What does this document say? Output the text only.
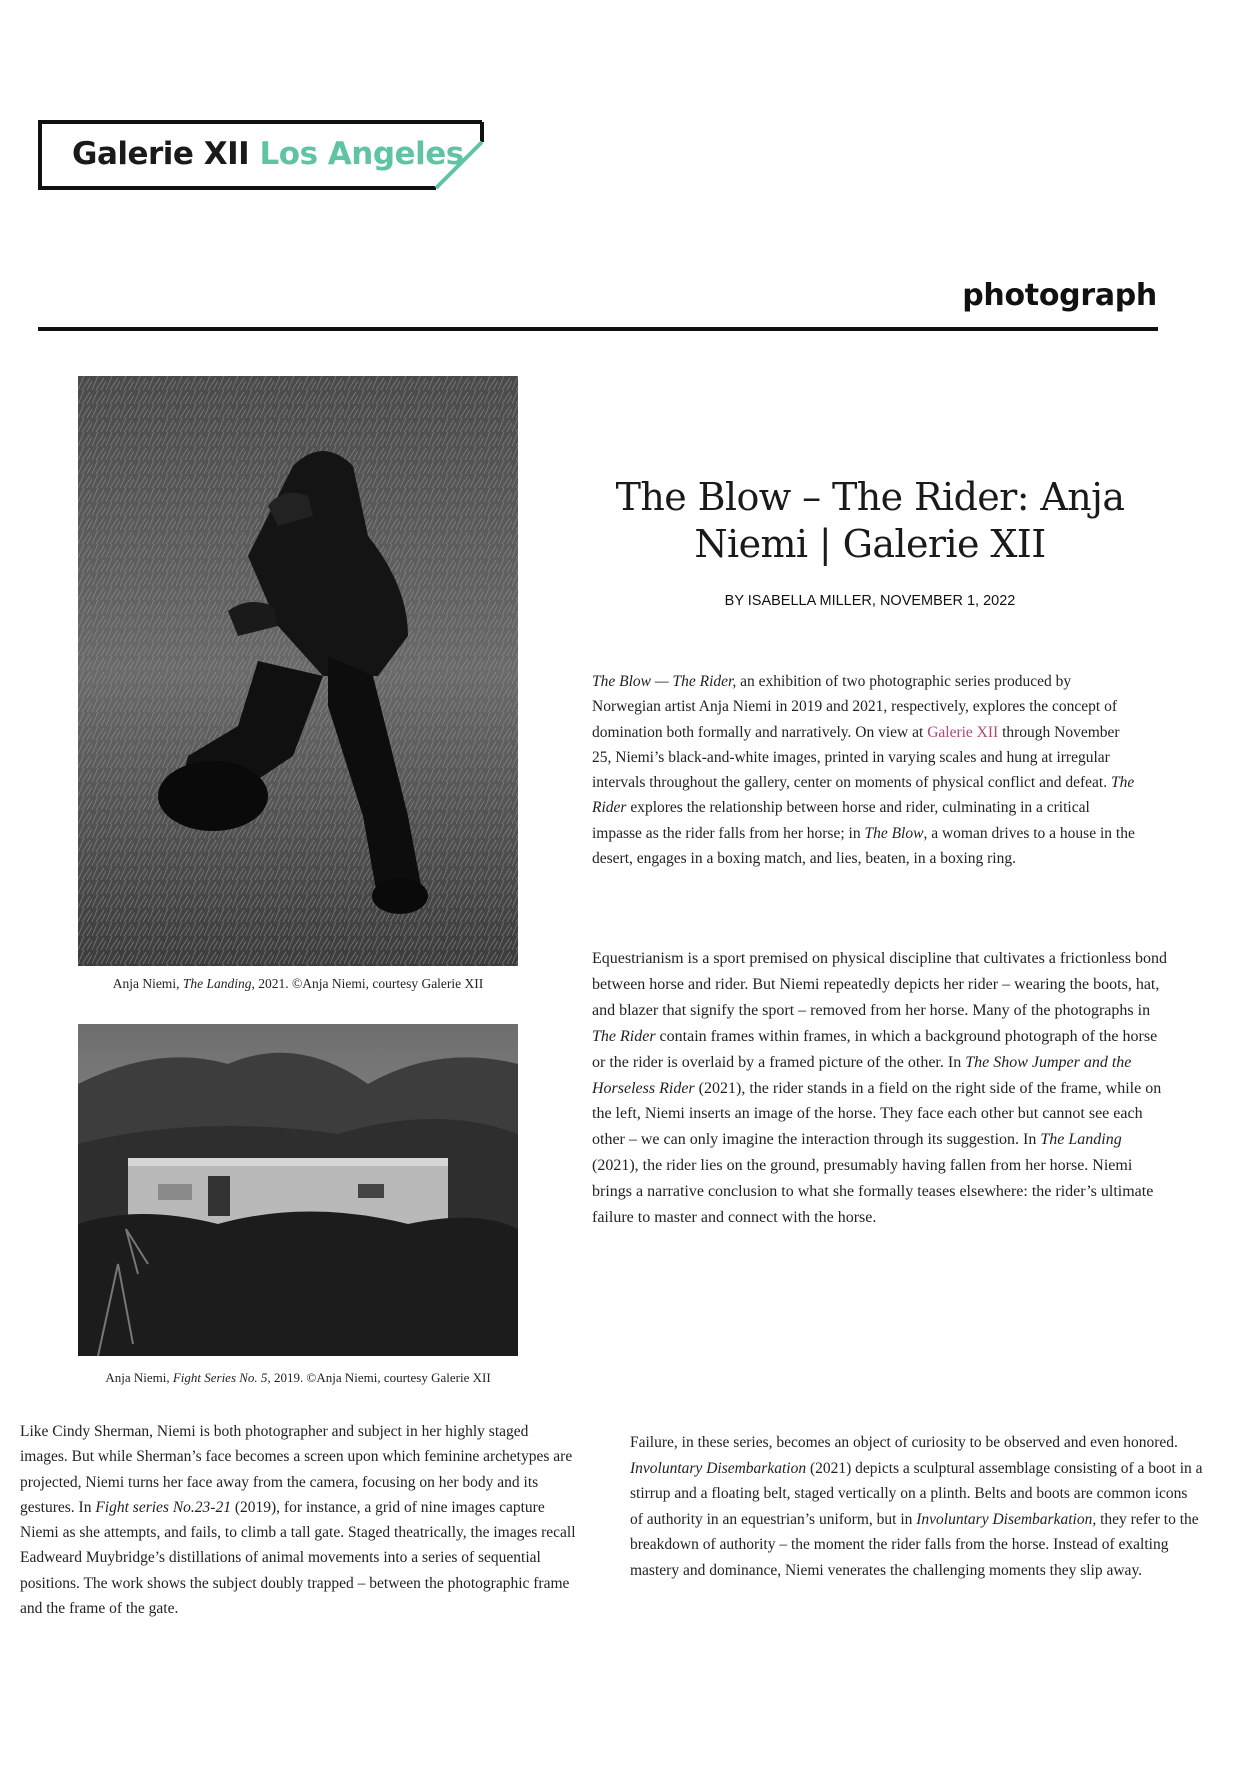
Galerie XII Los Angeles
photograph
Anja Niemi, The Landing, 2021. ©Anja Niemi, courtesy Galerie XII
Anja Niemi, Fight Series No. 5, 2019. ©Anja Niemi, courtesy Galerie XII
The Blow – The Rider: Anja Niemi | Galerie XII
BY ISABELLA MILLER, NOVEMBER 1, 2022
The Blow — The Rider, an exhibition of two photographic series produced by Norwegian artist Anja Niemi in 2019 and 2021, respectively, explores the concept of domination both formally and narratively. On view at Galerie XII through November 25, Niemi’s black-and-white images, printed in varying scales and hung at irregular intervals throughout the gallery, center on moments of physical conflict and defeat. The Rider explores the relationship between horse and rider, culminating in a critical impasse as the rider falls from her horse; in The Blow, a woman drives to a house in the desert, engages in a boxing match, and lies, beaten, in a boxing ring.
Equestrianism is a sport premised on physical discipline that cultivates a frictionless bond between horse and rider. But Niemi repeatedly depicts her rider – wearing the boots, hat, and blazer that signify the sport – removed from her horse. Many of the photographs in The Rider contain frames within frames, in which a background photograph of the horse or the rider is overlaid by a framed picture of the other. In The Show Jumper and the Horseless Rider (2021), the rider stands in a field on the right side of the frame, while on the left, Niemi inserts an image of the horse. They face each other but cannot see each other – we can only imagine the interaction through its suggestion. In The Landing (2021), the rider lies on the ground, presumably having fallen from her horse. Niemi brings a narrative conclusion to what she formally teases elsewhere: the rider’s ultimate failure to master and connect with the horse.
Like Cindy Sherman, Niemi is both photographer and subject in her highly staged images. But while Sherman’s face becomes a screen upon which feminine archetypes are projected, Niemi turns her face away from the camera, focusing on her body and its gestures. In Fight series No.23-21 (2019), for instance, a grid of nine images capture Niemi as she attempts, and fails, to climb a tall gate. Staged theatrically, the images recall Eadweard Muybridge’s distillations of animal movements into a series of sequential positions. The work shows the subject doubly trapped – between the photographic frame and the frame of the gate.
Failure, in these series, becomes an object of curiosity to be observed and even honored. Involuntary Disembarkation (2021) depicts a sculptural assemblage consisting of a boot in a stirrup and a floating belt, staged vertically on a plinth. Belts and boots are common icons of authority in an equestrian’s uniform, but in Involuntary Disembarkation, they refer to the breakdown of authority – the moment the rider falls from the horse. Instead of exalting mastery and dominance, Niemi venerates the challenging moments they slip away.
